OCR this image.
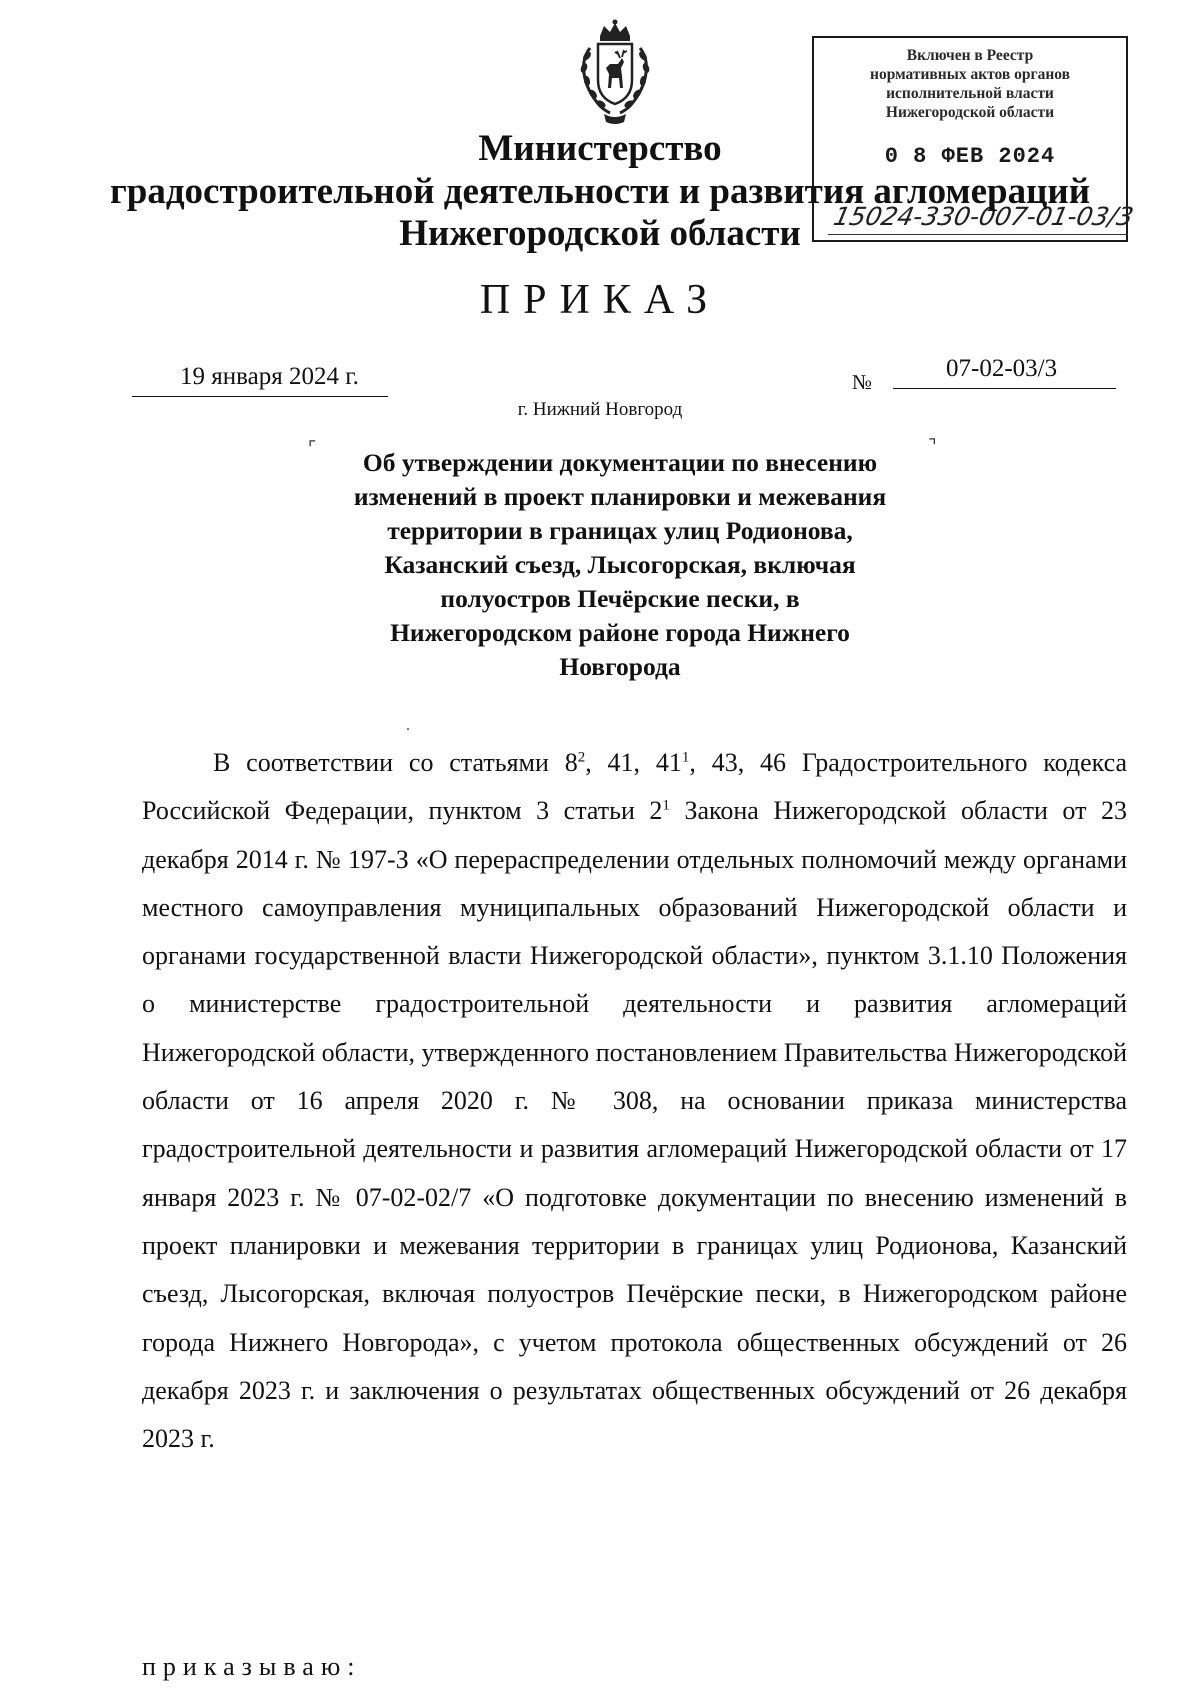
Включен в Реестр
нормативных актов органов
исполнительной власти
Нижегородской области
0 8 ФЕВ 2024
15024-330-007-01-03/3
Министерство
градостроительной деятельности и развития агломераций
Нижегородской области
ПРИКАЗ
19 января 2024 г.	№	07-02-03/3
г. Нижний Новгород
⌜	⌝
Об утверждении документации по внесению
изменений в проект планировки и межевания
территории в границах улиц Родионова,
Казанский съезд, Лысогорская, включая
полуостров Печёрские пески, в
Нижегородском районе города Нижнего
Новгорода
В соответствии со статьями $8^2$, 41, $41^1$, 43, 46 Градостроительного кодекса Российской Федерации, пунктом 3 статьи $2^1$ Закона Нижегородской области от 23 декабря 2014 г. № 197-З «О перераспределении отдельных полномочий между органами местного самоуправления муниципальных образований Нижегородской области и органами государственной власти Нижегородской области», пунктом 3.1.10 Положения о министерстве градостроительной деятельности и развития агломераций Нижегородской области, утвержденного постановлением Правительства Нижегородской области от 16 апреля 2020 г. № 308, на основании приказа министерства градостроительной деятельности и развития агломераций Нижегородской области от 17 января 2023 г. № 07-02-02/7 «О подготовке документации по внесению изменений в проект планировки и межевания территории в границах улиц Родионова, Казанский съезд, Лысогорская, включая полуостров Печёрские пески, в Нижегородском районе города Нижнего Новгорода», с учетом протокола общественных обсуждений от 26 декабря 2023 г. и заключения о результатах общественных обсуждений от 26 декабря 2023 г.
приказываю:
